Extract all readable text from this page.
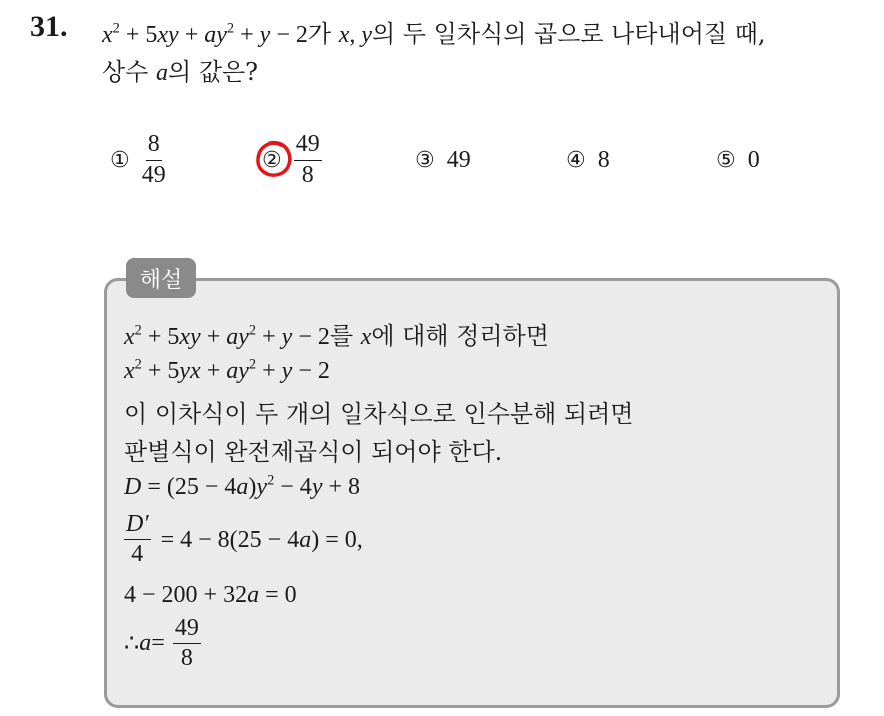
31. $x^2 + 5xy + ay^2 + y - 2$가 x, y의 두 일차식의 곱으로 나타내어질 때,
상수 a의 값은?
① $\frac{8}{49}$	② $\frac{49}{8}$	③ 49	④ 8	⑤ 0
해설
$x^2 + 5xy + ay^2 + y - 2$를 x에 대해 정리하면
$x^2 + 5yx + ay^2 + y - 2$
이 이차식이 두 개의 일차식으로 인수분해 되려면
판별식이 완전제곱식이 되어야 한다.
$D = (25 - 4a)y^2 - 4y + 8$
$\frac{D'}{4} = 4 - 8(25 - 4a) = 0$,
4 − 200 + 32a = 0
∴ $a = \frac{49}{8}$
